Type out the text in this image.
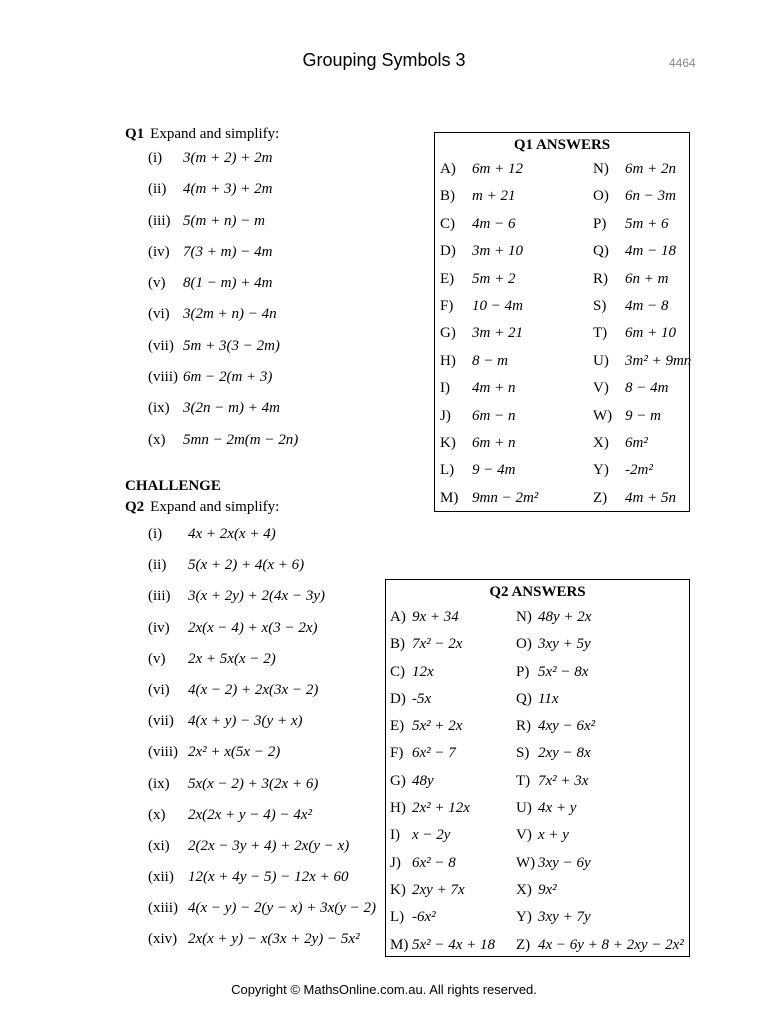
Grouping Symbols 3	4464
Q1 Expand and simplify:
(i) 3(m + 2) + 2m
(ii) 4(m + 3) + 2m
(iii) 5(m + n) − m
(iv) 7(3 + m) − 4m
(v) 8(1 − m) + 4m
(vi) 3(2m + n) − 4n
(vii) 5m + 3(3 − 2m)
(viii) 6m − 2(m + 3)
(ix) 3(2n − m) + 4m
(x) 5mn − 2m(m − 2n)
CHALLENGE
Q2 Expand and simplify:
(i) 4x + 2x(x + 4)
(ii) 5(x + 2) + 4(x + 6)
(iii) 3(x + 2y) + 2(4x − 3y)
(iv) 2x(x − 4) + x(3 − 2x)
(v) 2x + 5x(x − 2)
(vi) 4(x − 2) + 2x(3x − 2)
(vii) 4(x + y) − 3(y + x)
(viii) 2x² + x(5x − 2)
(ix) 5x(x − 2) + 3(2x + 6)
(x) 2x(2x + y − 4) − 4x²
(xi) 2(2x − 3y + 4) + 2x(y − x)
(xii) 12(x + 4y − 5) − 12x + 60
(xiii) 4(x − y) − 2(y − x) + 3x(y − 2)
(xiv) 2x(x + y) − x(3x + 2y) − 5x²
Q1 ANSWERS
A) 6m + 12
B) m + 21
C) 4m − 6
D) 3m + 10
E) 5m + 2
F) 10 − 4m
G) 3m + 21
H) 8 − m
I) 4m + n
J) 6m − n
K) 6m + n
L) 9 − 4m
M) 9mn − 2m²
N) 6m + 2n
O) 6n − 3m
P) 5m + 6
Q) 4m − 18
R) 6n + m
S) 4m − 8
T) 6m + 10
U) 3m² + 9mn
V) 8 − 4m
W) 9 − m
X) 6m²
Y) -2m²
Z) 4m + 5n
Q2 ANSWERS
A) 9x + 34
B) 7x² − 2x
C) 12x
D) -5x
E) 5x² + 2x
F) 6x² − 7
G) 48y
H) 2x² + 12x
I) x − 2y
J) 6x² − 8
K) 2xy + 7x
L) -6x²
M) 5x² − 4x + 18
N) 48y + 2x
O) 3xy + 5y
P) 5x² − 8x
Q) 11x
R) 4xy − 6x²
S) 2xy − 8x
T) 7x² + 3x
U) 4x + y
V) x + y
W) 3xy − 6y
X) 9x²
Y) 3xy + 7y
Z) 4x − 6y + 8 + 2xy − 2x²
Copyright © MathsOnline.com.au. All rights reserved.
